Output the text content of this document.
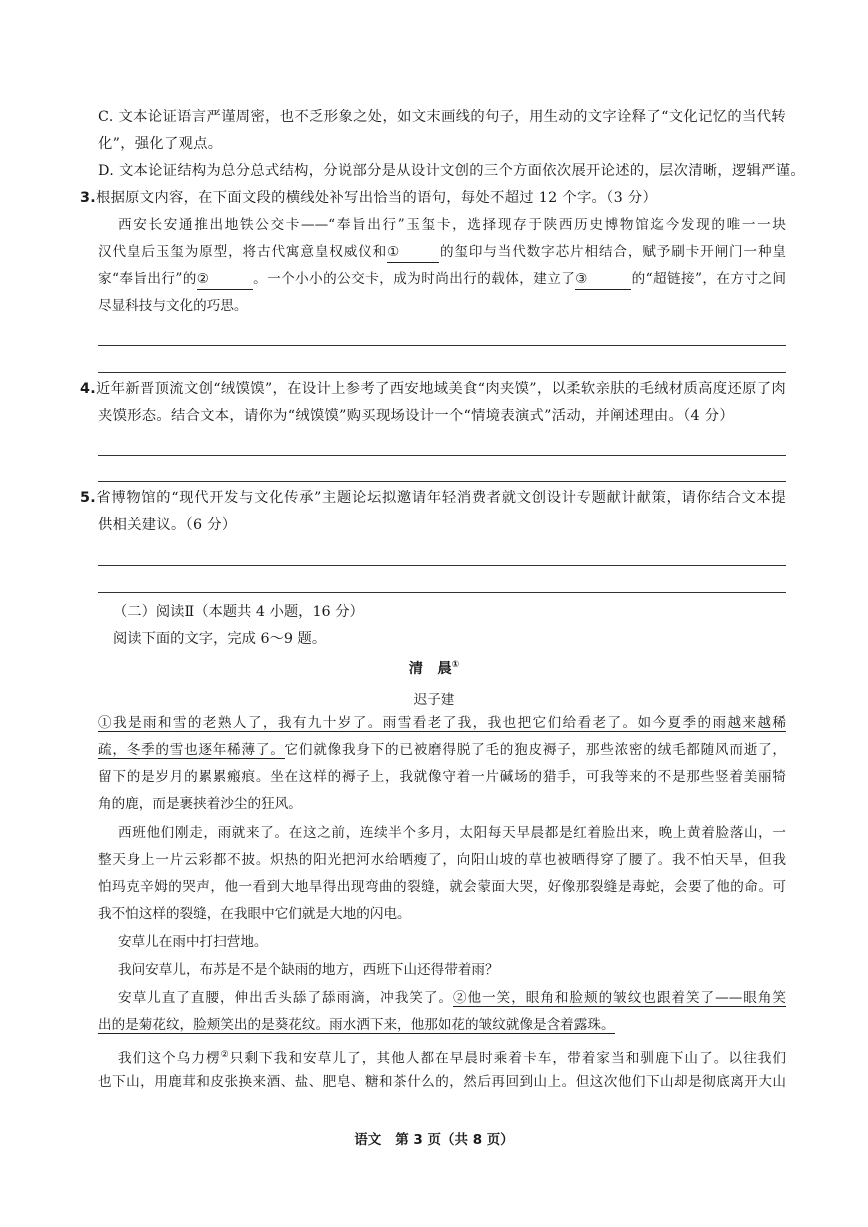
C. 文本论证语言严谨周密，也不乏形象之处，如文末画线的句子，用生动的文字诠释了“文化记忆的当代转
化”，强化了观点。
D. 文本论证结构为总分总式结构，分说部分是从设计文创的三个方面依次展开论述的，层次清晰，逻辑严谨。
3.根据原文内容，在下面文段的横线处补写出恰当的语句，每处不超过 12 个字。（3 分）
西安长安通推出地铁公交卡——“奉旨出行”玉玺卡，选择现存于陕西历史博物馆迄今发现的唯一一块
汉代皇后玉玺为原型，将古代寓意皇权威仪和①	的玺印与当代数字芯片相结合，赋予刷卡开闸门一种皇
家“奉旨出行”的②	。一个小小的公交卡，成为时尚出行的载体，建立了③	的“超链接”，在方寸之间
尽显科技与文化的巧思。
4.近年新晋顶流文创“绒馍馍”，在设计上参考了西安地域美食“肉夹馍”，以柔软亲肤的毛绒材质高度还原了肉
夹馍形态。结合文本，请你为“绒馍馍”购买现场设计一个“情境表演式”活动，并阐述理由。（4 分）
5.省博物馆的“现代开发与文化传承”主题论坛拟邀请年轻消费者就文创设计专题献计献策，请你结合文本提
供相关建议。（6 分）
（二）阅读Ⅱ（本题共 4 小题，16 分）
阅读下面的文字，完成 6～9 题。
清　晨①
迟子建
①我是雨和雪的老熟人了，我有九十岁了。雨雪看老了我，我也把它们给看老了。如今夏季的雨越来越稀
疏，冬季的雪也逐年稀薄了。它们就像我身下的已被磨得脱了毛的狍皮褥子，那些浓密的绒毛都随风而逝了，
留下的是岁月的累累瘢痕。坐在这样的褥子上，我就像守着一片碱场的猎手，可我等来的不是那些竖着美丽犄
角的鹿，而是裹挟着沙尘的狂风。
西班他们刚走，雨就来了。在这之前，连续半个多月，太阳每天早晨都是红着脸出来，晚上黄着脸落山，一
整天身上一片云彩都不披。炽热的阳光把河水给晒瘦了，向阳山坡的草也被晒得穿了腰了。我不怕天旱，但我
怕玛克辛姆的哭声，他一看到大地旱得出现弯曲的裂缝，就会蒙面大哭，好像那裂缝是毒蛇，会要了他的命。可
我不怕这样的裂缝，在我眼中它们就是大地的闪电。
安草儿在雨中打扫营地。
我问安草儿，布苏是不是个缺雨的地方，西班下山还得带着雨？
安草儿直了直腰，伸出舌头舔了舔雨滴，冲我笑了。②他一笑，眼角和脸颊的皱纹也跟着笑了——眼角笑
出的是菊花纹，脸颊笑出的是葵花纹。雨水洒下来，他那如花的皱纹就像是含着露珠。
我们这个乌力楞②只剩下我和安草儿了，其他人都在早晨时乘着卡车，带着家当和驯鹿下山了。以往我们
也下山，用鹿茸和皮张换来酒、盐、肥皂、糖和茶什么的，然后再回到山上。但这次他们下山却是彻底离开大山
语文 第 3 页（共 8 页）
